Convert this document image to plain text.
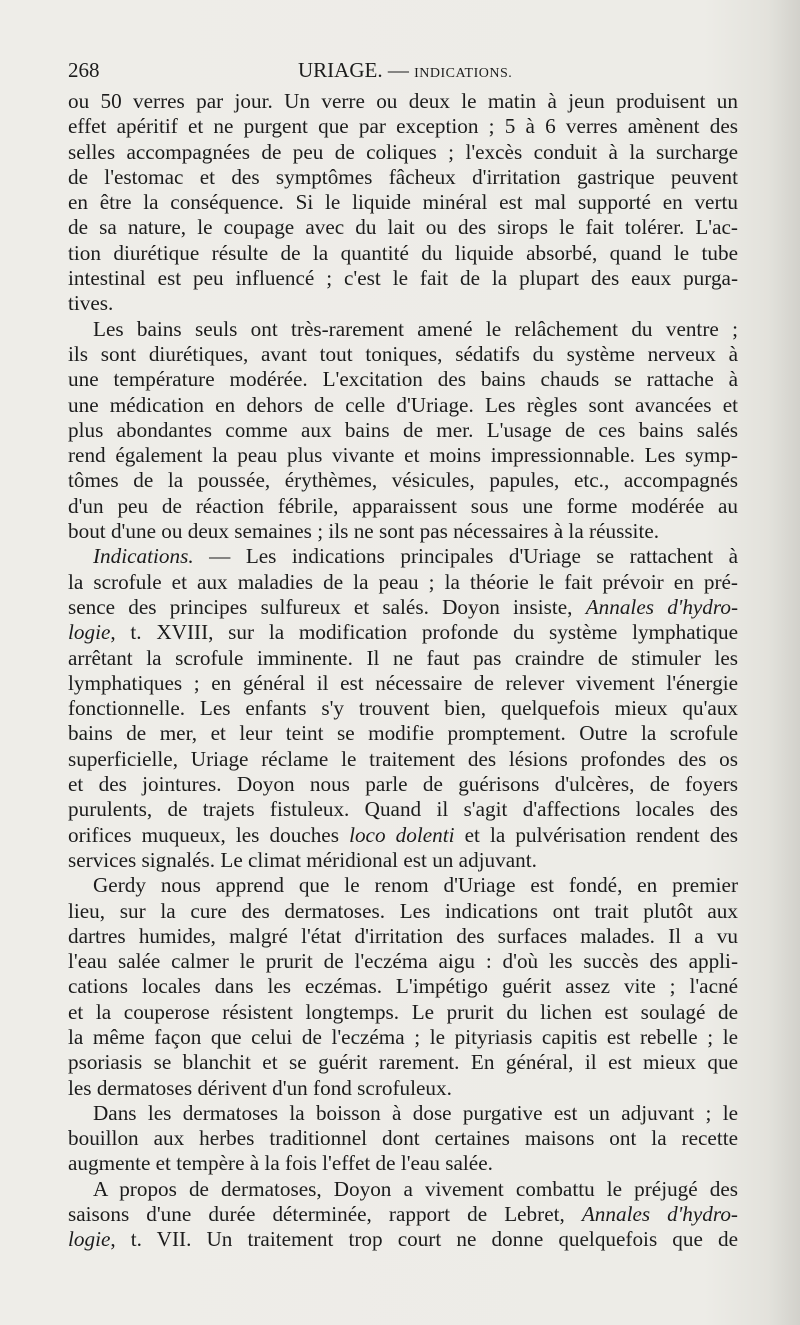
268	URIAGE. — INDICATIONS.
ou 50 verres par jour. Un verre ou deux le matin à jeun produisent un
effet apéritif et ne purgent que par exception ; 5 à 6 verres amènent des
selles accompagnées de peu de coliques ; l'excès conduit à la surcharge
de l'estomac et des symptômes fâcheux d'irritation gastrique peuvent
en être la conséquence. Si le liquide minéral est mal supporté en vertu
de sa nature, le coupage avec du lait ou des sirops le fait tolérer. L'ac-
tion diurétique résulte de la quantité du liquide absorbé, quand le tube
intestinal est peu influencé ; c'est le fait de la plupart des eaux purga-
tives.
Les bains seuls ont très-rarement amené le relâchement du ventre ;
ils sont diurétiques, avant tout toniques, sédatifs du système nerveux à
une température modérée. L'excitation des bains chauds se rattache à
une médication en dehors de celle d'Uriage. Les règles sont avancées et
plus abondantes comme aux bains de mer. L'usage de ces bains salés
rend également la peau plus vivante et moins impressionnable. Les symp-
tômes de la poussée, érythèmes, vésicules, papules, etc., accompagnés
d'un peu de réaction fébrile, apparaissent sous une forme modérée au
bout d'une ou deux semaines ; ils ne sont pas nécessaires à la réussite.
Indications. — Les indications principales d'Uriage se rattachent à
la scrofule et aux maladies de la peau ; la théorie le fait prévoir en pré-
sence des principes sulfureux et salés. Doyon insiste, Annales d'hydro-
logie, t. XVIII, sur la modification profonde du système lymphatique
arrêtant la scrofule imminente. Il ne faut pas craindre de stimuler les
lymphatiques ; en général il est nécessaire de relever vivement l'énergie
fonctionnelle. Les enfants s'y trouvent bien, quelquefois mieux qu'aux
bains de mer, et leur teint se modifie promptement. Outre la scrofule
superficielle, Uriage réclame le traitement des lésions profondes des os
et des jointures. Doyon nous parle de guérisons d'ulcères, de foyers
purulents, de trajets fistuleux. Quand il s'agit d'affections locales des
orifices muqueux, les douches loco dolenti et la pulvérisation rendent des
services signalés. Le climat méridional est un adjuvant.
Gerdy nous apprend que le renom d'Uriage est fondé, en premier
lieu, sur la cure des dermatoses. Les indications ont trait plutôt aux
dartres humides, malgré l'état d'irritation des surfaces malades. Il a vu
l'eau salée calmer le prurit de l'eczéma aigu : d'où les succès des appli-
cations locales dans les eczémas. L'impétigo guérit assez vite ; l'acné
et la couperose résistent longtemps. Le prurit du lichen est soulagé de
la même façon que celui de l'eczéma ; le pityriasis capitis est rebelle ; le
psoriasis se blanchit et se guérit rarement. En général, il est mieux que
les dermatoses dérivent d'un fond scrofuleux.
Dans les dermatoses la boisson à dose purgative est un adjuvant ; le
bouillon aux herbes traditionnel dont certaines maisons ont la recette
augmente et tempère à la fois l'effet de l'eau salée.
A propos de dermatoses, Doyon a vivement combattu le préjugé des
saisons d'une durée déterminée, rapport de Lebret, Annales d'hydro-
logie, t. VII. Un traitement trop court ne donne quelquefois que de
